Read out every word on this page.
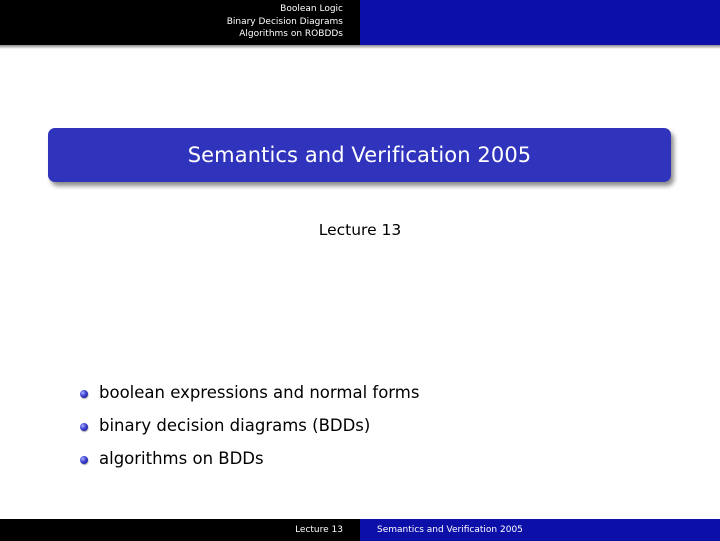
Boolean Logic
Binary Decision Diagrams
Algorithms on ROBDDs
Semantics and Verification 2005
Lecture 13
boolean expressions and normal forms
binary decision diagrams (BDDs)
algorithms on BDDs
Lecture 13	Semantics and Verification 2005
